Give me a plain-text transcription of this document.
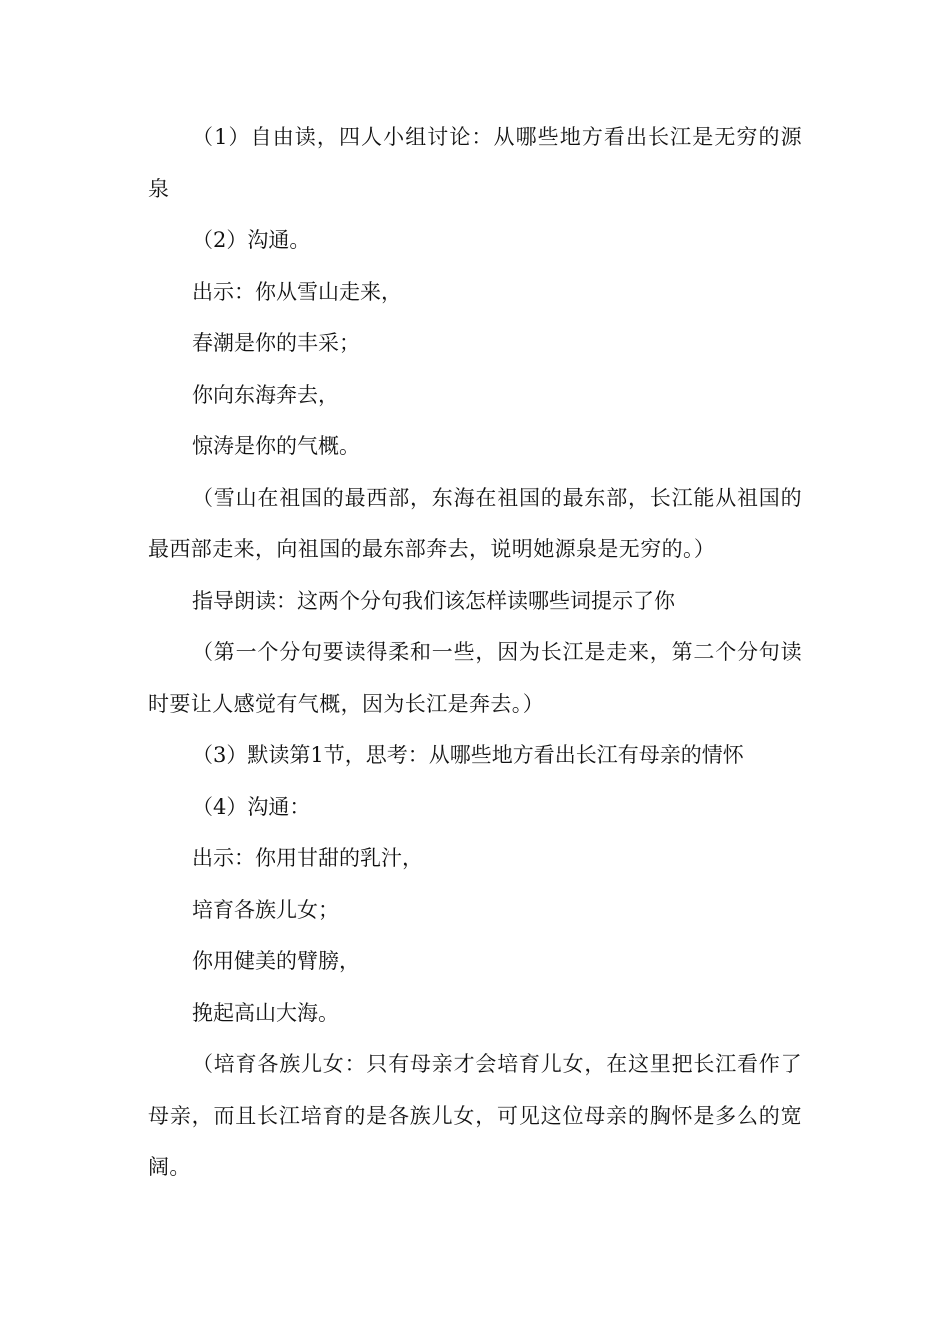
（1）自由读，四人小组讨论：从哪些地方看出长江是无穷的源泉

（2）沟通。

出示：你从雪山走来，

春潮是你的丰采；

你向东海奔去，

惊涛是你的气概。

（雪山在祖国的最西部，东海在祖国的最东部，长江能从祖国的最西部走来，向祖国的最东部奔去，说明她源泉是无穷的。）

指导朗读：这两个分句我们该怎样读哪些词提示了你

（第一个分句要读得柔和一些，因为长江是走来，第二个分句读时要让人感觉有气概，因为长江是奔去。）

（3）默读第1节，思考：从哪些地方看出长江有母亲的情怀

（4）沟通：

出示：你用甘甜的乳汁，

培育各族儿女；

你用健美的臂膀，

挽起高山大海。

（培育各族儿女：只有母亲才会培育儿女，在这里把长江看作了母亲，而且长江培育的是各族儿女，可见这位母亲的胸怀是多么的宽阔。
